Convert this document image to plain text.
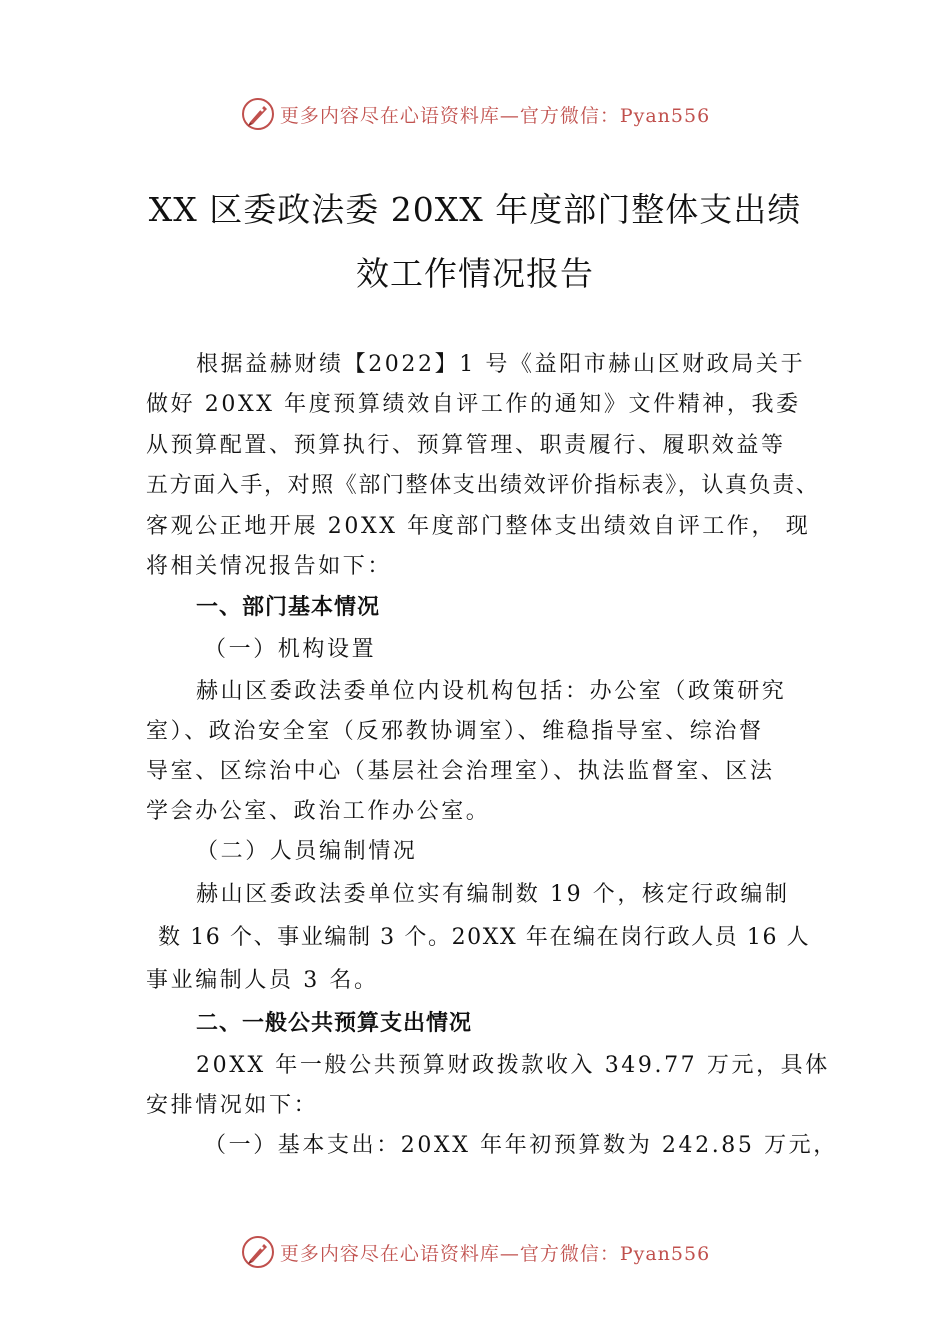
更多内容尽在心语资料库—官方微信：Pyan556
XX 区委政法委 20XX 年度部门整体支出绩
效工作情况报告
根据益赫财绩【2022】1 号《益阳市赫山区财政局关于
做好 20XX 年度预算绩效自评工作的通知》文件精神，我委
从预算配置、预算执行、预算管理、职责履行、履职效益等
五方面入手，对照《部门整体支出绩效评价指标表》，认真负责、
客观公正地开展 20XX 年度部门整体支出绩效自评工作， 现
将相关情况报告如下：
一、部门基本情况
（一）机构设置
赫山区委政法委单位内设机构包括：办公室（政策研究
室）、政治安全室（反邪教协调室）、维稳指导室、综治督
导室、区综治中心（基层社会治理室）、执法监督室、区法
学会办公室、政治工作办公室。
（二）人员编制情况
赫山区委政法委单位实有编制数 19 个，核定行政编制
数 16 个、事业编制 3 个。20XX 年在编在岗行政人员 16 人
事业编制人员 3 名。
二、一般公共预算支出情况
20XX 年一般公共预算财政拨款收入 349.77 万元，具体
安排情况如下：
（一）基本支出：20XX 年年初预算数为 242.85 万元，
更多内容尽在心语资料库—官方微信：Pyan556
